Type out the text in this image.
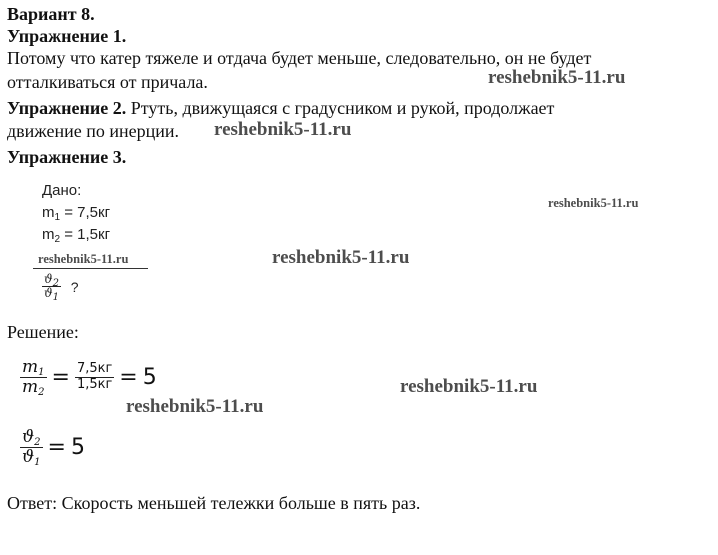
Вариант 8.
Упражнение 1.
Потому что катер тяжеле и отдача будет меньше, следовательно, он не будет
отталкиваться от причала.
Упражнение 2. Ртуть, движущаяся с градусником и рукой, продолжает
движение по инерции.
Упражнение 3.
Дано:
$m_1 = 7,5кг$
$m_2 = 1,5кг$
$\frac{ϑ_2}{ϑ_1}$ ?
Решение:
$\frac{m1}{m2} = \frac{7,5кг}{1,5кг} = 5$
$\frac{ϑ2}{ϑ1} = 5$
Ответ: Скорость меньшей тележки больше в пять раз.
reshebnik5-11.ru
reshebnik5-11.ru
reshebnik5-11.ru
reshebnik5-11.ru	reshebnik5-11.ru
reshebnik5-11.ru
reshebnik5-11.ru
